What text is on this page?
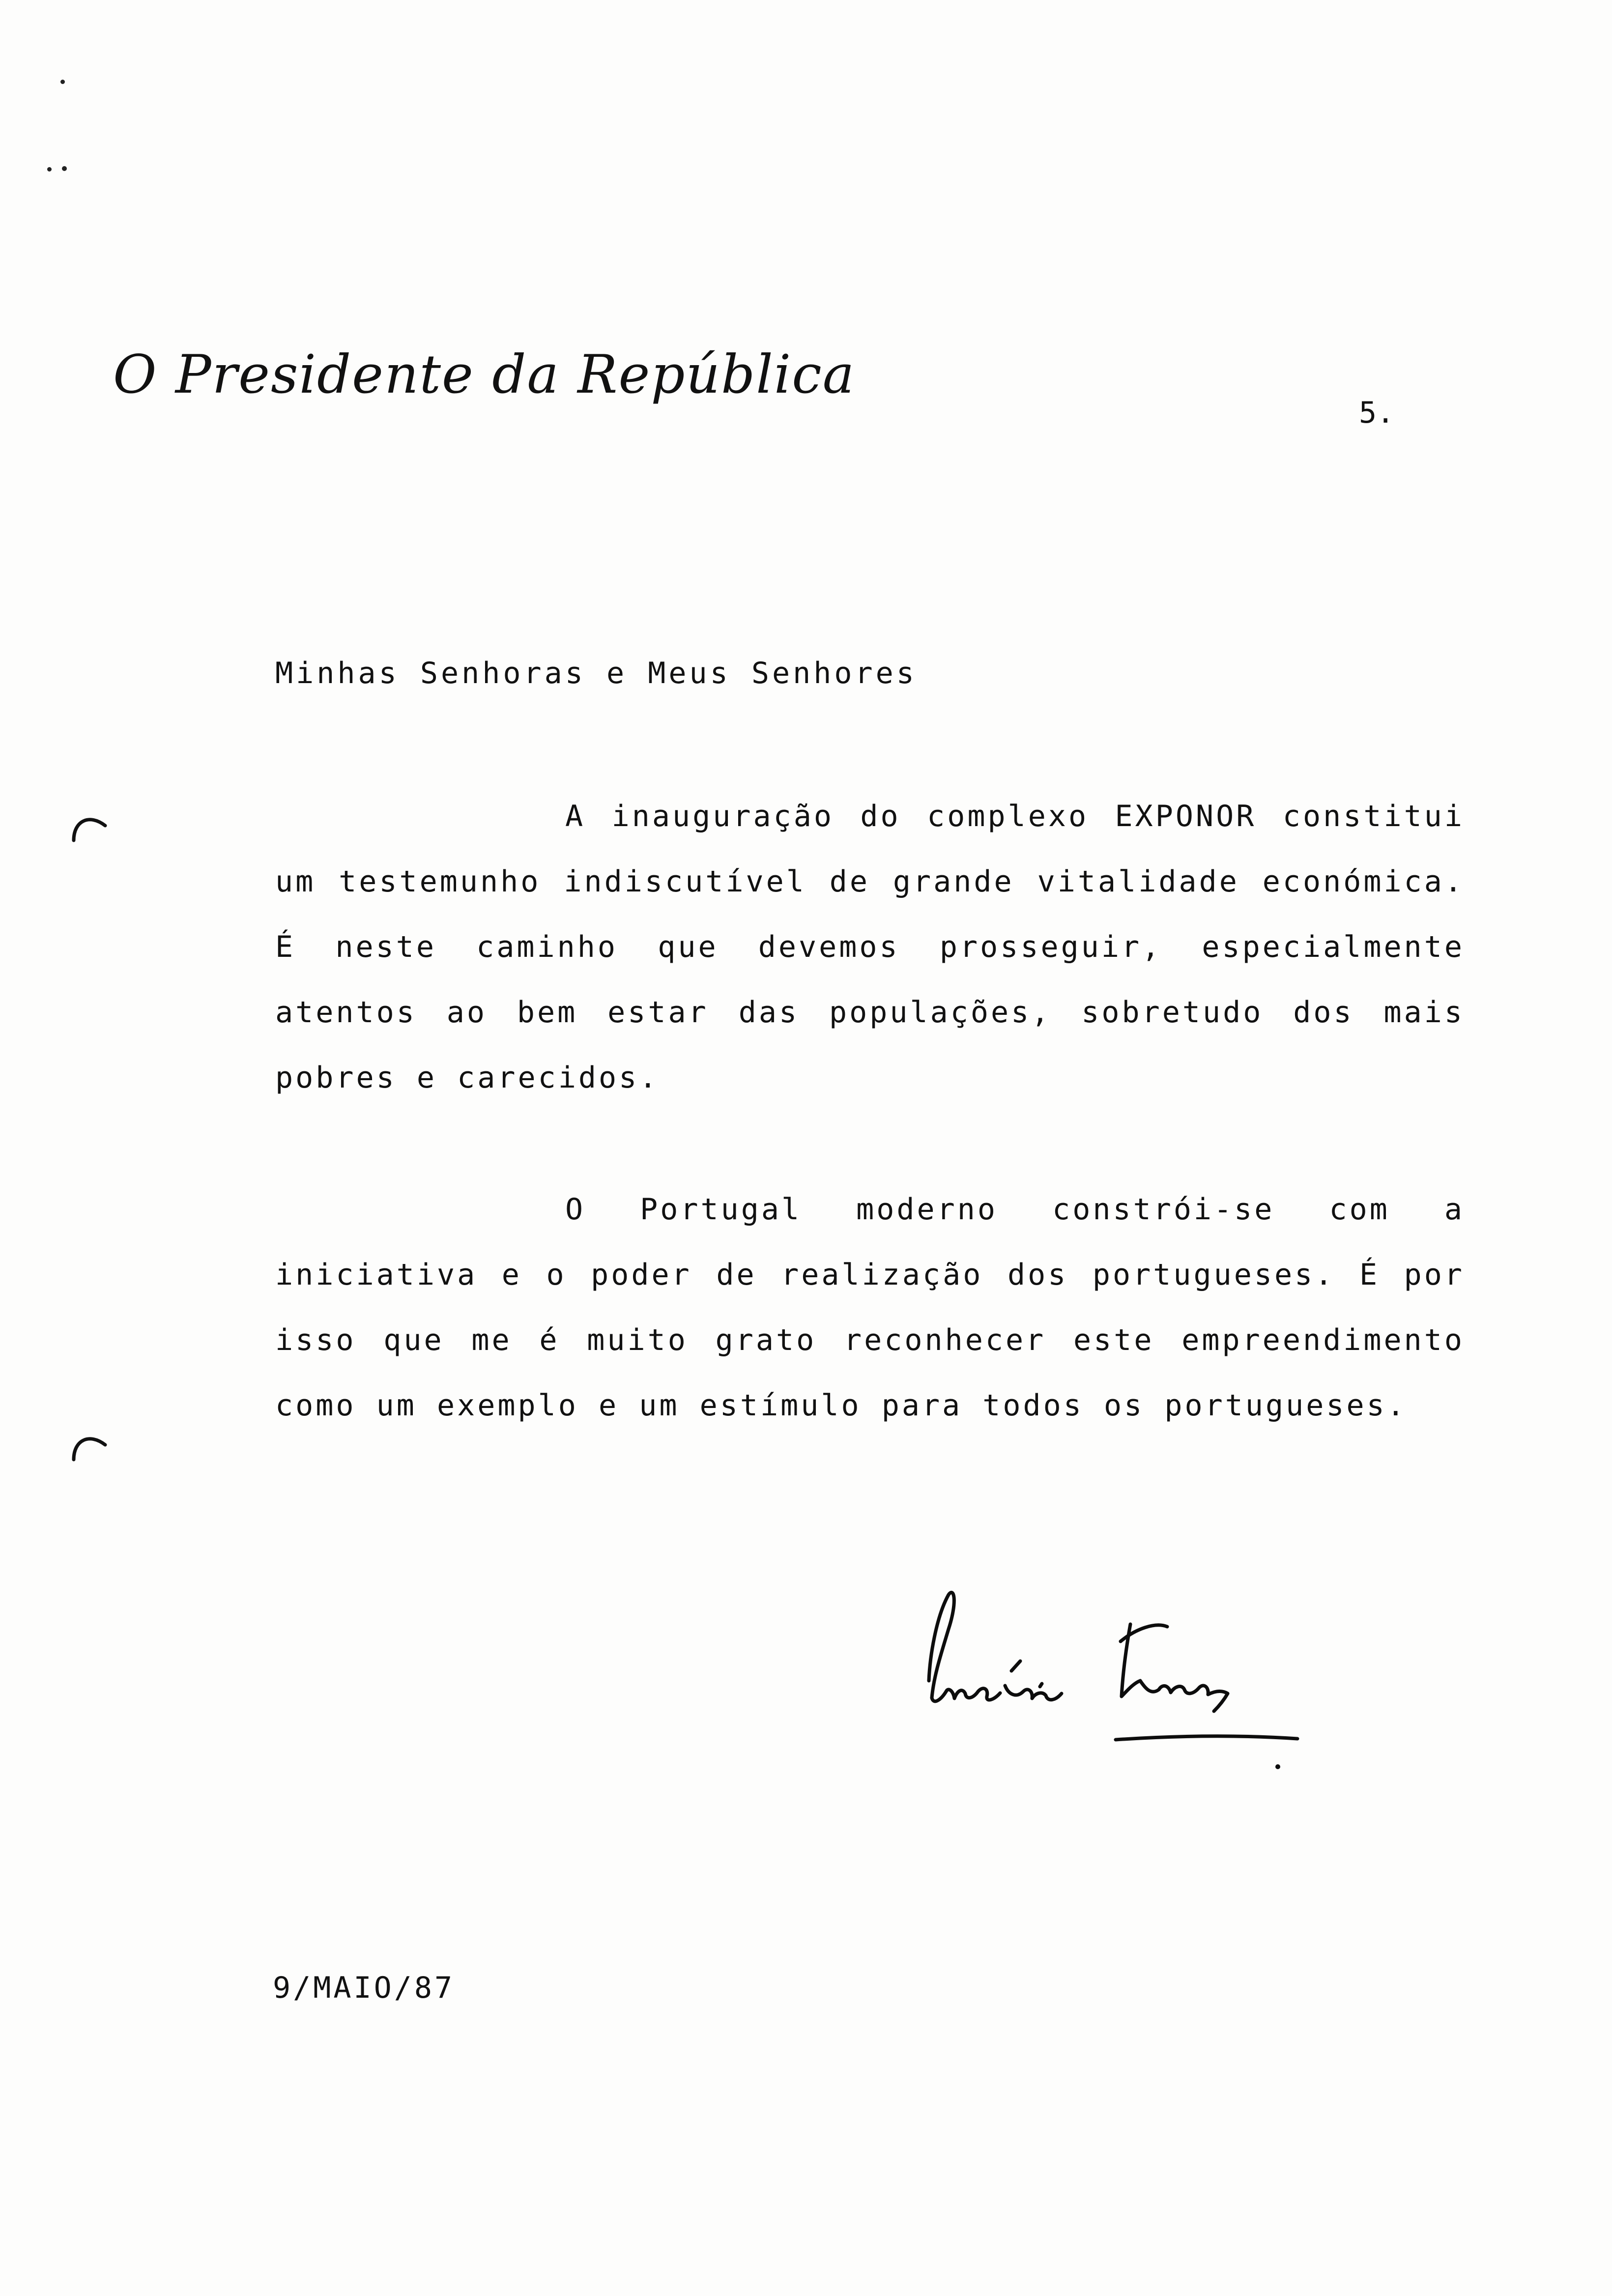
O Presidente da República
5.
Minhas Senhoras e Meus Senhores
A inauguração do complexo EXPONOR constitui um testemunho indiscutível de grande vitalidade económica. É neste caminho que devemos prosseguir, especialmente atentos ao bem estar das populações, sobretudo dos mais pobres e carecidos.
O Portugal moderno constrói-se com a iniciativa e o poder de realização dos portugueses. É por isso que me é muito grato reconhecer este empreendimento como um exemplo e um estímulo para todos os portugueses.
9/MAIO/87
